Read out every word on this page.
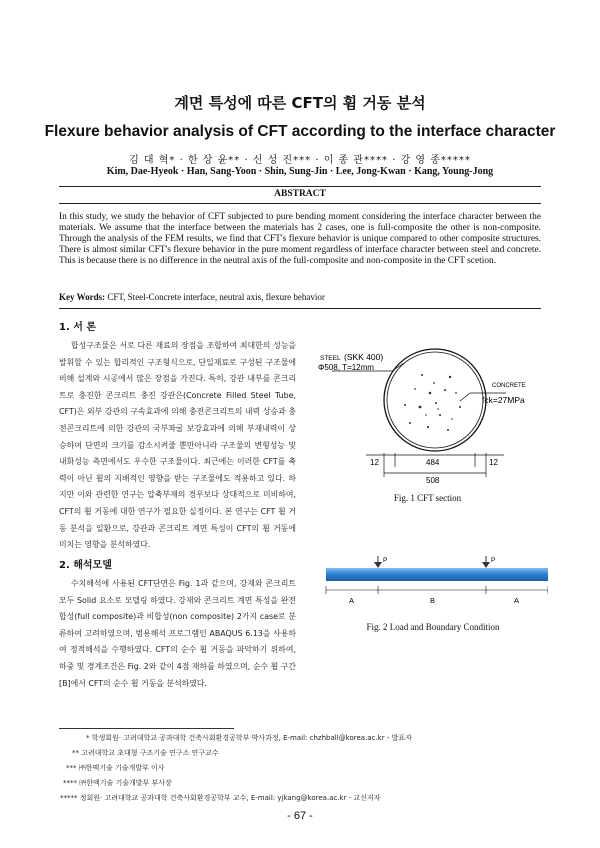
계면 특성에 따른 CFT의 휨 거동 분석
Flexure behavior analysis of CFT according to the interface character
김 대 혁* · 한 상 윤** · 신 성 진*** · 이 종 관**** · 강 영 종*****
Kim, Dae-Hyeok · Han, Sang-Yoon · Shin, Sung-Jin · Lee, Jong-Kwan · Kang, Young-Jong
ABSTRACT
In this study, we study the behavior of CFT subjected to pure bending moment considering the interface character between the materials. We assume that the interface between the materials has 2 cases, one is full-composite the other is non-composite. Through the analysis of the FEM results, we find that CFT's flexure behavior is unique compared to other composite structures. There is almost similar CFT's flexure behavior in the pure moment regardless of interface character between steel and concrete. This is because there is no difference in the neutral axis of the full-composite and non-composite in the CFT scetion.
Key Words: CFT, Steel-Concrete interface, neutral axis, flexure behavior
1. 서 론

합성구조물은 서로 다른 재료의 장점을 조합하여 최대한의 성능을 발휘할 수 있는 합리적인 구조형식으로, 단일재료로 구성된 구조물에 비해 설계와 시공에서 많은 장점을 가진다. 특히, 강관 내부를 콘크리트로 충진한 콘크리트 충진 강관은(Concrete Filled Steel Tube, CFT)은 외부 강관의 구속효과에 의해 충전콘크리트의 내력 상승과 충전콘크리트에 의한 강관의 국부좌굴 보강효과에 의해 부재내력이 상승하여 단면의 크기를 감소시켜줄 뿐만아니라 구조물의 변형성능 및 내화성능 측면에서도 우수한 구조물이다. 최근에는 이러한 CFT를 축력이 아닌 휨의 지배적인 영향을 받는 구조물에도 적용하고 있다. 하지만 이와 관련한 연구는 압축부재의 경우보다 상대적으로 미비하여, CFT의 휨 거동에 대한 연구가 필요한 실정이다. 본 연구는 CFT 휨 거동 분석을 일환으로, 강관과 콘크리트 계면 특성이 CFT의 휨 거동에 미치는 영향을 분석하였다.

2. 해석모델

수치해석에 사용된 CFT단면은 Fig. 1과 같으며, 강재와 콘크리트 모두 Solid 요소로 모델링 하였다. 강재와 콘크리트 계면 특성을 완전 합성(full composite)과 비합성(non composite) 2가지 case로 분류하여 고려하였으며, 범용해석 프로그램인 ABAQUS 6.13을 사용하여 정적해석을 수행하였다. CFT의 순수 휨 거동을 파악하기 위하여, 하중 및 경계조건은 Fig. 2와 같이 4점 재하를 하였으며, 순수 휨 구간[B]에서 CFT의 순수 휨 거동을 분석하였다.

STEEL (SKK 400)
Φ508, T=12mm
CONCRETE
fck=27MPa
12	484	12
508
Fig. 1 CFT section
P	P
A	B	A
Fig. 2 Load and Boundary Condition
* 학생회원· 고려대학교 공과대학 건축사회환경공학부 박사과정, E-mail: chzhball@korea.ac.kr - 발표자
** 고려대학교 초대형 구조기술 연구소 연구교수
*** ㈜한맥기술 기술개발부 이사
**** ㈜한맥기술 기술개발부 부사장
***** 정회원· 고려대학교 공과대학 건축사회환경공학부 교수, E-mail: yjkang@korea.ac.kr - 교신저자
- 67 -
